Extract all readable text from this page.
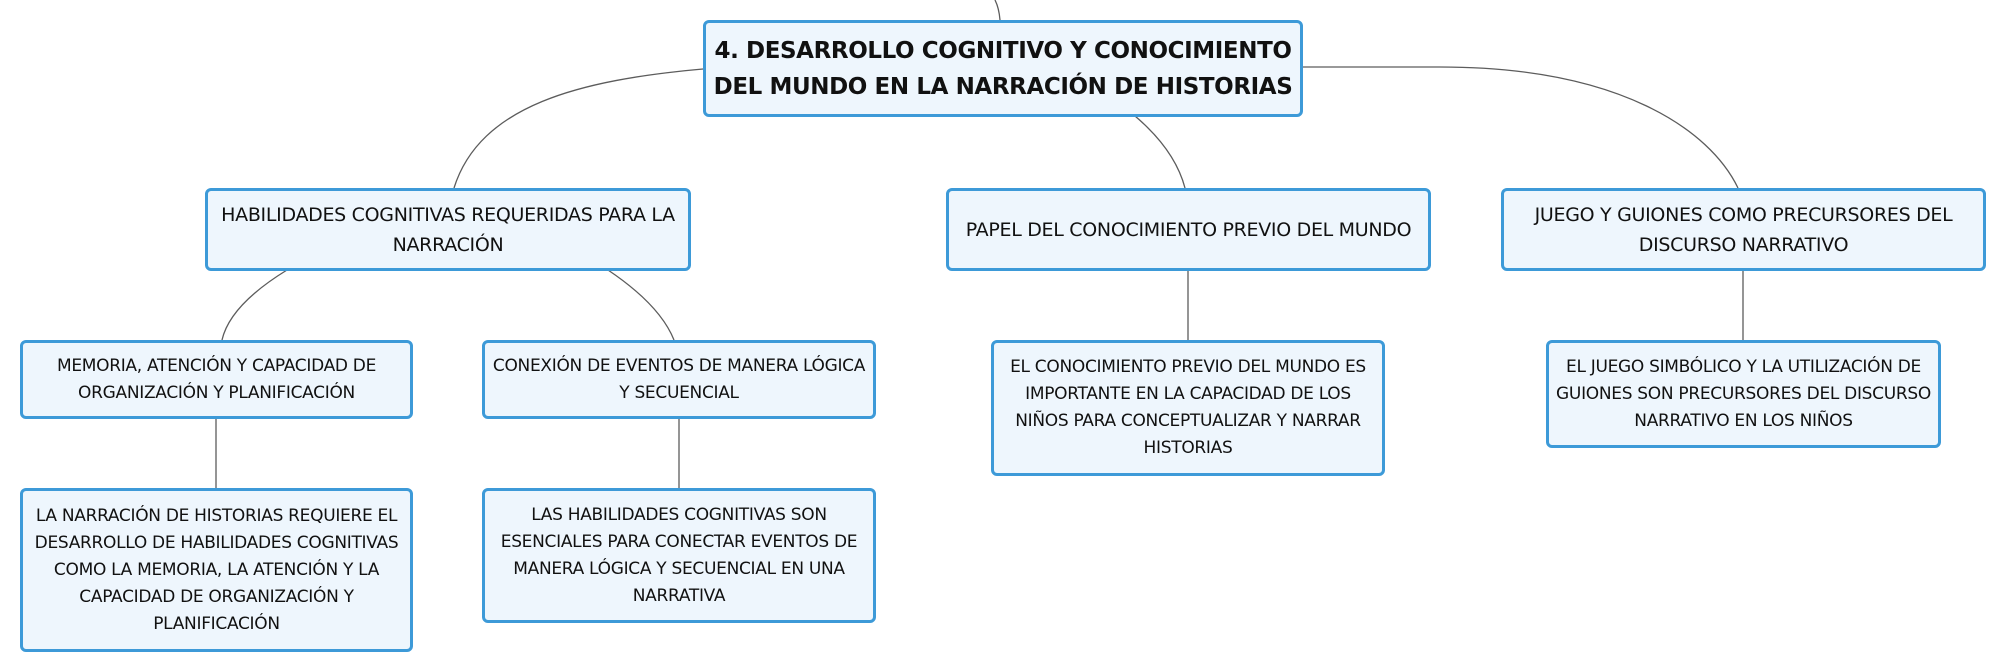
4. DESARROLLO COGNITIVO Y CONOCIMIENTO DEL MUNDO EN LA NARRACIÓN DE HISTORIAS
HABILIDADES COGNITIVAS REQUERIDAS PARA LA NARRACIÓN
PAPEL DEL CONOCIMIENTO PREVIO DEL MUNDO
JUEGO Y GUIONES COMO PRECURSORES DEL DISCURSO NARRATIVO
MEMORIA, ATENCIÓN Y CAPACIDAD DE ORGANIZACIÓN Y PLANIFICACIÓN
CONEXIÓN DE EVENTOS DE MANERA LÓGICA Y SECUENCIAL
LA NARRACIÓN DE HISTORIAS REQUIERE EL DESARROLLO DE HABILIDADES COGNITIVAS COMO LA MEMORIA, LA ATENCIÓN Y LA CAPACIDAD DE ORGANIZACIÓN Y PLANIFICACIÓN
LAS HABILIDADES COGNITIVAS SON ESENCIALES PARA CONECTAR EVENTOS DE MANERA LÓGICA Y SECUENCIAL EN UNA NARRATIVA
EL CONOCIMIENTO PREVIO DEL MUNDO ES IMPORTANTE EN LA CAPACIDAD DE LOS NIÑOS PARA CONCEPTUALIZAR Y NARRAR HISTORIAS
EL JUEGO SIMBÓLICO Y LA UTILIZACIÓN DE GUIONES SON PRECURSORES DEL DISCURSO NARRATIVO EN LOS NIÑOS
